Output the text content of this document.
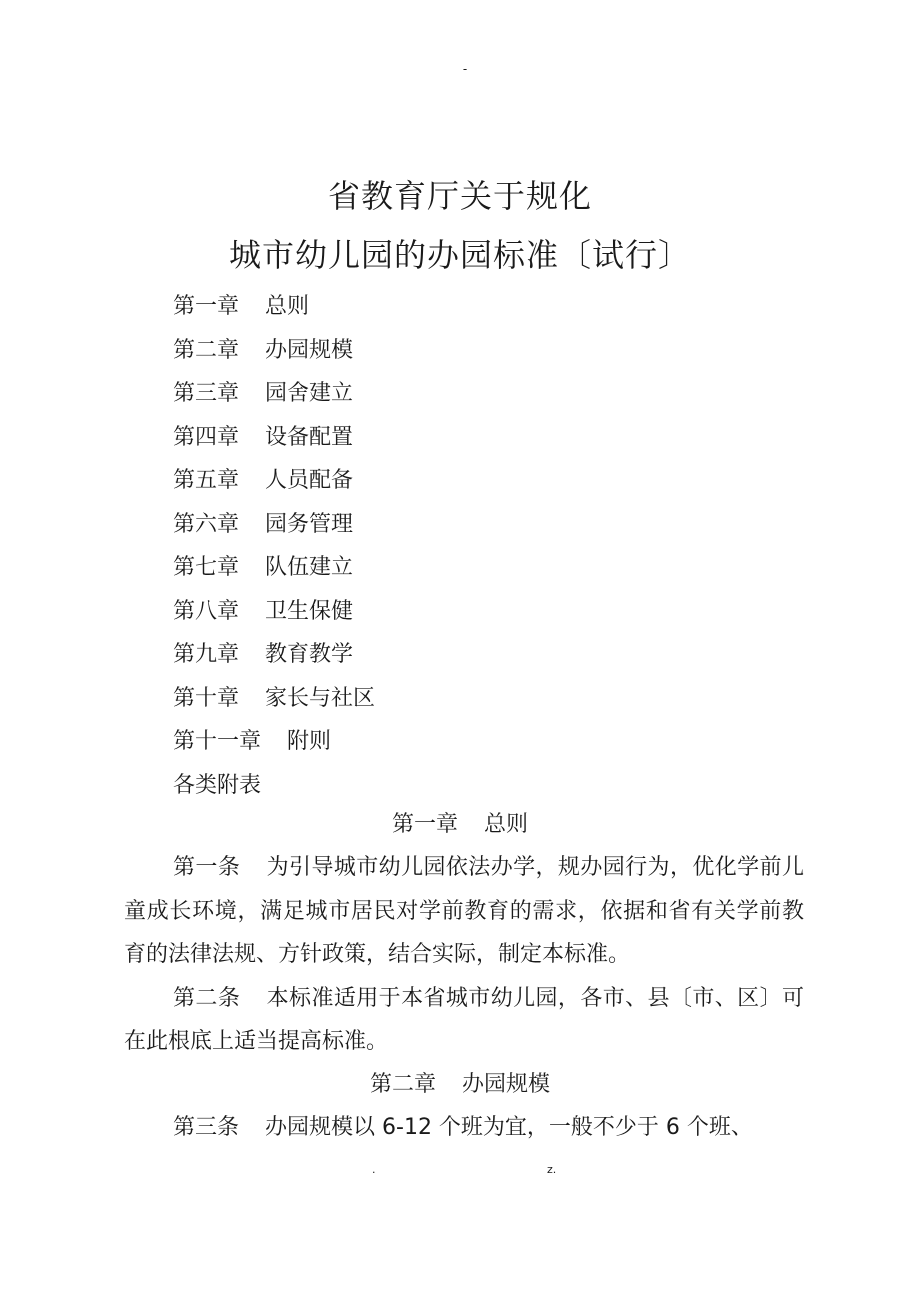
-
省教育厅关于规化
城市幼儿园的办园标准〔试行〕
第一章 总则
第二章 办园规模
第三章 园舍建立
第四章 设备配置
第五章 人员配备
第六章 园务管理
第七章 队伍建立
第八章 卫生保健
第九章 教育教学
第十章 家长与社区
第十一章 附则
各类附表
第一章 总则

第一条 为引导城市幼儿园依法办学，规办园行为，优化学前儿童成长环境，满足城市居民对学前教育的需求，依据和省有关学前教育的法律法规、方针政策，结合实际，制定本标准。

第二条 本标准适用于本省城市幼儿园，各市、县〔市、区〕可在此根底上适当提高标准。

第二章 办园规模

第三条 办园规模以 6-12 个班为宜，一般不少于 6 个班、

.	z.
